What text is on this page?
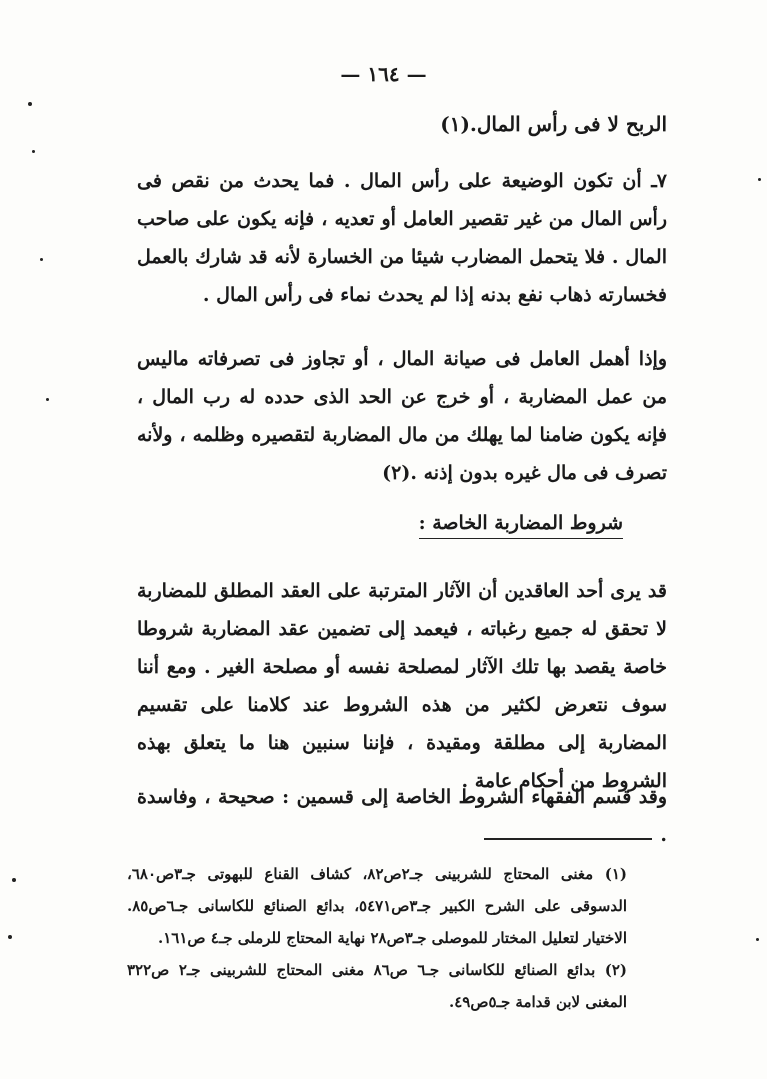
— ١٦٤ —
الربح لا فى رأس المال.(١)
٧ـ أن تكون الوضيعة على رأس المال . فما يحدث من نقص فى رأس المال من غير تقصير العامل أو تعديه ، فإنه يكون على صاحب المال . فلا يتحمل المضارب شيئا من الخسارة لأنه قد شارك بالعمل فخسارته ذهاب نفع بدنه إذا لم يحدث نماء فى رأس المال .
وإذا أهمل العامل فى صيانة المال ، أو تجاوز فى تصرفاته ماليس من عمل المضاربة ، أو خرج عن الحد الذى حدده له رب المال ، فإنه يكون ضامنا لما يهلك من مال المضاربة لتقصيره وظلمه ، ولأنه تصرف فى مال غيره بدون إذنه .(٢)
شروط المضاربة الخاصة :
قد يرى أحد العاقدين أن الآثار المترتبة على العقد المطلق للمضاربة لا تحقق له جميع رغباته ، فيعمد إلى تضمين عقد المضاربة شروطا خاصة يقصد بها تلك الآثار لمصلحة نفسه أو مصلحة الغير . ومع أننا سوف نتعرض لكثير من هذه الشروط عند كلامنا على تقسيم المضاربة إلى مطلقة ومقيدة ، فإننا سنبين هنا ما يتعلق بهذه الشروط من أحكام عامة .
وقد قسم الفقهاء الشروط الخاصة إلى قسمين : صحيحة ، وفاسدة .

(١) مغنى المحتاج للشربينى جـ٢ص٨٢، كشاف القناع للبهوتى جـ٣ص٦٨٠، الدسوقى على الشرح الكبير جـ٣ص٥٤٧١، بدائع الصنائع للكاسانى جـ٦ص٨٥. الاختيار لتعليل المختار للموصلى جـ٣ص٢٨ نهاية المحتاج للرملى جـ٤ ص١٦١.

(٢) بدائع الصنائع للكاسانى جـ٦ ص٨٦ مغنى المحتاج للشربينى جـ٢ ص٣٢٢ المغنى لابن قدامة جـ٥ص٤٩.
